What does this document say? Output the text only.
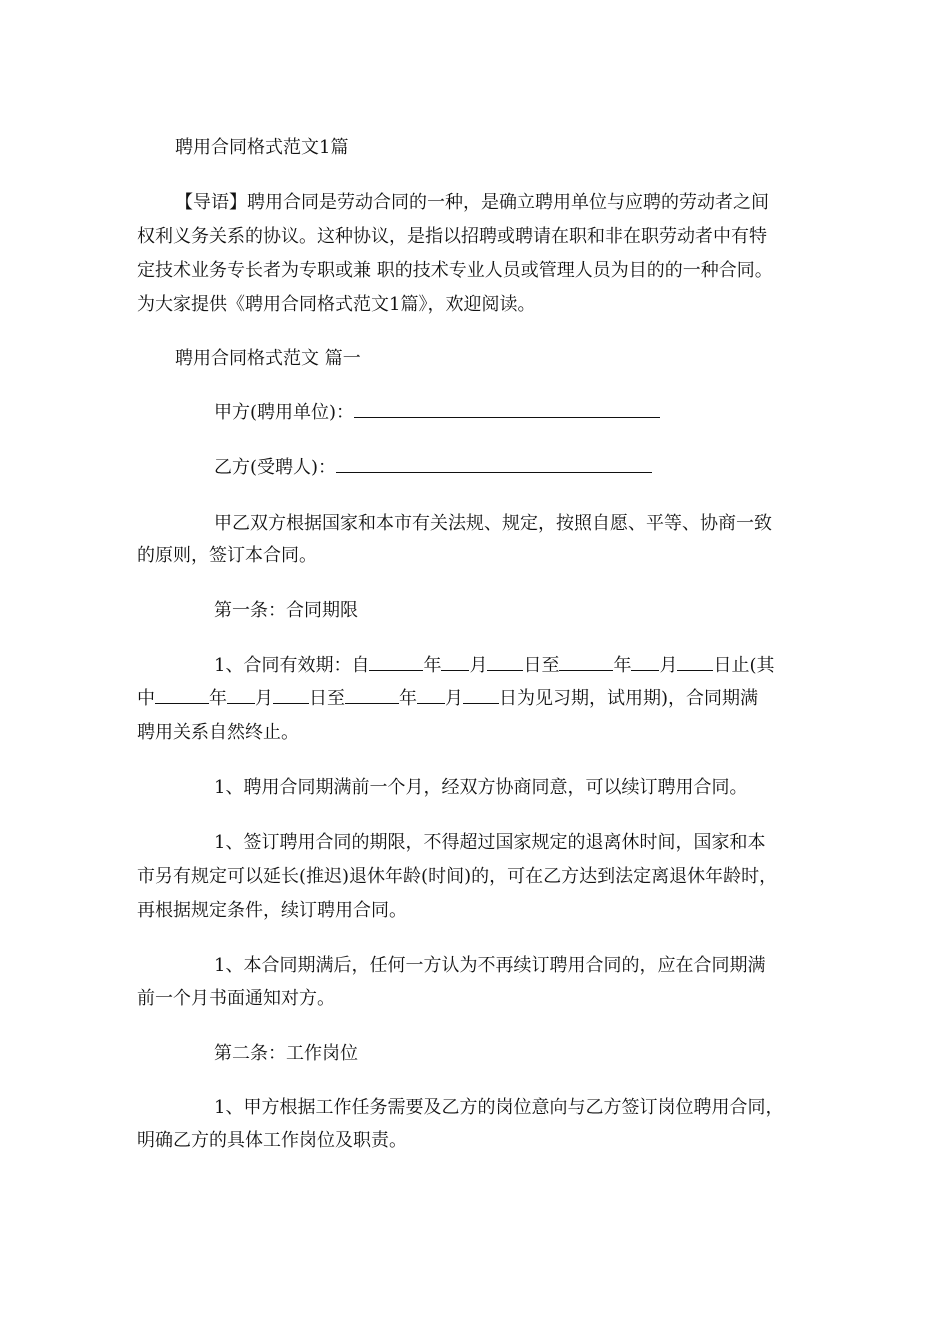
聘用合同格式范文1篇
【导语】聘用合同是劳动合同的一种，是确立聘用单位与应聘的劳动者之间
权利义务关系的协议。这种协议，是指以招聘或聘请在职和非在职劳动者中有特
定技术业务专长者为专职或兼 职的技术专业人员或管理人员为目的的一种合同。
为大家提供《聘用合同格式范文1篇》，欢迎阅读。
聘用合同格式范文 篇一
甲方(聘用单位)：
乙方(受聘人)：
甲乙双方根据国家和本市有关法规、规定，按照自愿、平等、协商一致
的原则，签订本合同。
第一条：合同期限
1、合同有效期：自	年 月 日至	年 月 日止(其
中	年 月 日至	年 月 日为见习期，试用期)，合同期满
聘用关系自然终止。
1、聘用合同期满前一个月，经双方协商同意，可以续订聘用合同。
1、签订聘用合同的期限，不得超过国家规定的退离休时间，国家和本
市另有规定可以延长(推迟)退休年龄(时间)的，可在乙方达到法定离退休年龄时，
再根据规定条件，续订聘用合同。
1、本合同期满后，任何一方认为不再续订聘用合同的，应在合同期满
前一个月书面通知对方。
第二条：工作岗位
1、甲方根据工作任务需要及乙方的岗位意向与乙方签订岗位聘用合同，
明确乙方的具体工作岗位及职责。
